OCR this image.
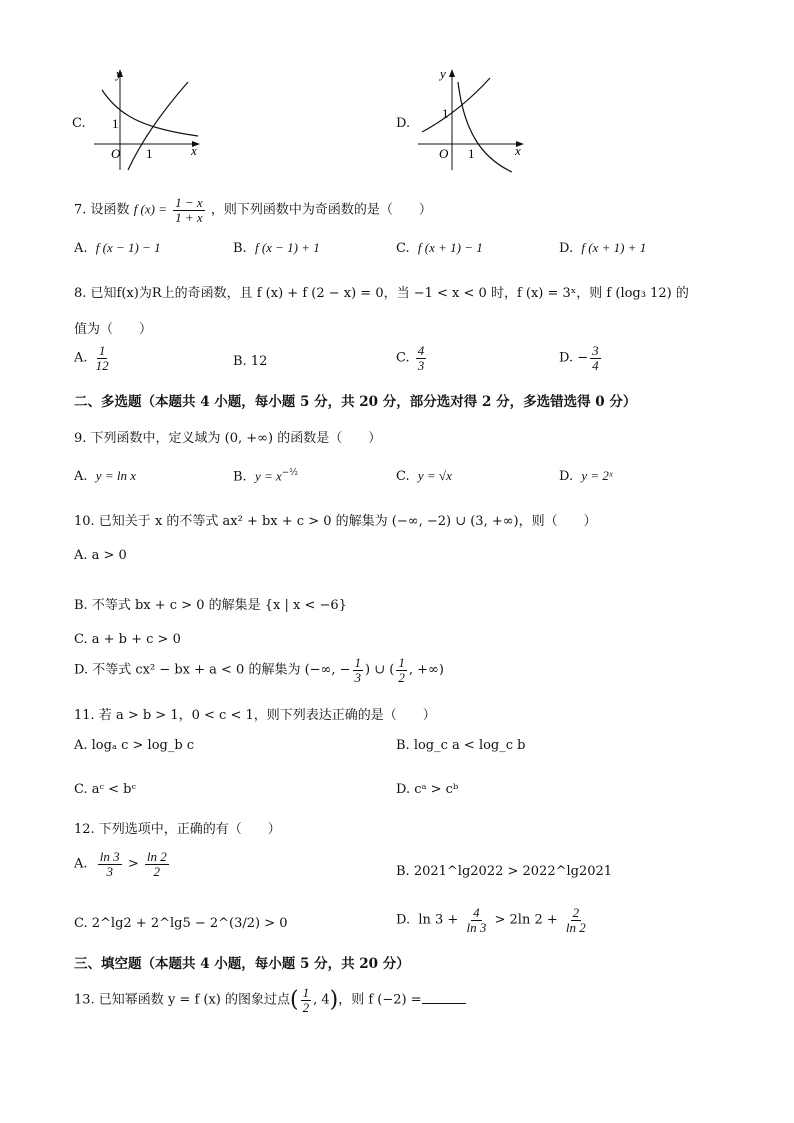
C.
y
x
O
1
1
D.
y
x
O
1
1
7. 设函数 f $(x) = \frac{1 - x}{1 + x}$ ，则下列函数中为奇函数的是（　　）
A. f (x − 1) − 1	B. f (x − 1) + 1	C. f (x + 1) − 1	D. f (x + 1) + 1
8. 已知f(x)为R上的奇函数，且 f (x) + f (2 − x) = 0，当 −1 < x < 0 时，f (x) = 3ˣ，则 f (log₃ 12) 的
值为（　　）
A. $\frac{1}{12}$	B. 12	C. $\frac{4}{3}$	D. − $\frac{3}{4}$
二、多选题（本题共 4 小题，每小题 5 分，共 20 分，部分选对得 2 分，多选错选得 0 分）
9. 下列函数中，定义域为 (0, +∞) 的函数是（　　）
A. y = ln x	B. $y = x^{-\frac{1}{2}}$	C. y = √x	D. y = 2ˣ
10. 已知关于 x 的不等式 ax² + bx + c > 0 的解集为 (−∞, −2) ∪ (3, +∞)，则（　　）
A. a > 0
B. 不等式 bx + c > 0 的解集是 {x | x < −6}
C. a + b + c > 0
D. 不等式 cx² − bx + a < 0 的解集为 (−∞, − $\frac{1}{3}$ ) ∪ ( $\frac{1}{2}$ , +∞)
11. 若 a > b > 1，0 < c < 1，则下列表达正确的是（　　）
A. logₐ c > log_b c	B. log_c a < log_c b
C. aᶜ < bᶜ	D. cᵃ > cᵇ
12. 下列选项中，正确的有（　　）
A. $\frac{\ln 3}{3} > \frac{\ln 2}{2}$	B. 2021^lg2022 > 2022^lg2021
C. 2^lg2 + 2^lg5 − 2^(3/2) > 0	D. $\ln 3 + \frac{4}{\ln 3} > 2\ln$ $2 + \frac{2}{\ln 2}$
三、填空题（本题共 4 小题，每小题 5 分，共 20 分）
13. 已知幂函数 y = f (x) 的图象过点( $\frac{1}{2}$ , 4)，则 f (−2) =
